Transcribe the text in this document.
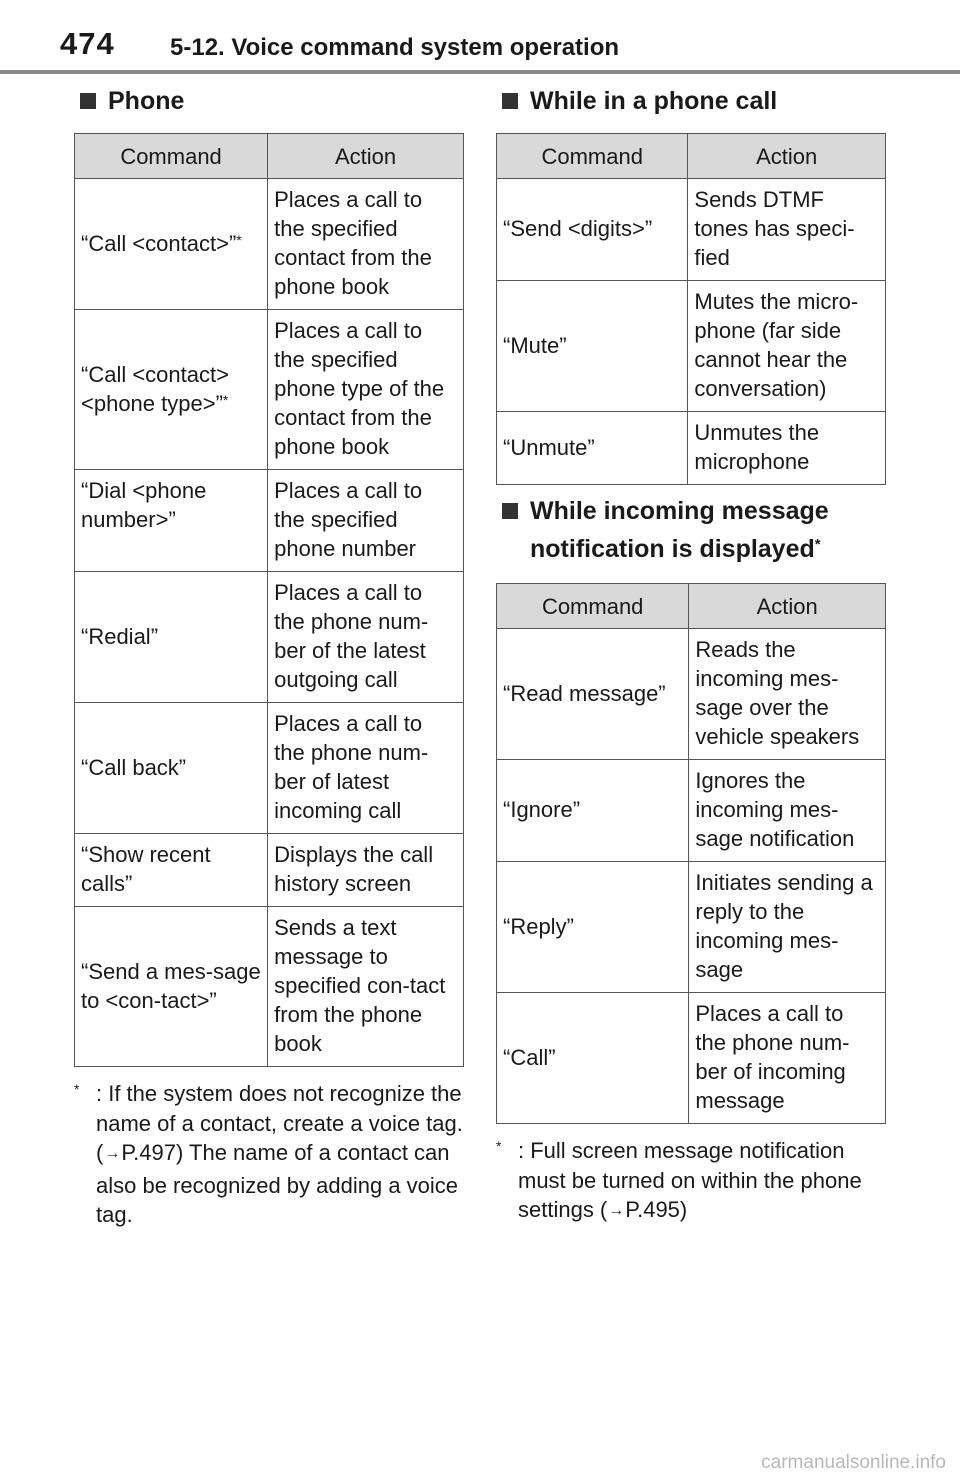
474 5-12. Voice command system operation
Phone
Command	Action
“Call <contact>”*	Places a call to the specified contact from the phone book
“Call <contact> <phone type>”*	Places a call to the specified phone type of the contact from the phone book
“Dial <phone number>”	Places a call to the specified phone number
“Redial”	Places a call to the phone num-ber of the latest outgoing call
“Call back”	Places a call to the phone num-ber of latest incoming call
“Show recent calls”	Displays the call history screen
“Send a mes-sage to <con-tact>”	Sends a text message to specified con-tact from the phone book
* : If the system does not recognize the name of a contact, create a voice tag. (→P.497) The name of a contact can also be recognized by adding a voice tag.
While in a phone call
Command	Action
“Send <digits>”	Sends DTMF tones has speci-fied
“Mute”	Mutes the micro-phone (far side cannot hear the conversation)
“Unmute”	Unmutes the microphone
While incoming message notification is displayed*
Command	Action
“Read message”	Reads the incoming mes-sage over the vehicle speakers
“Ignore”	Ignores the incoming mes-sage notification
“Reply”	Initiates sending a reply to the incoming mes-sage
“Call”	Places a call to the phone num-ber of incoming message
* : Full screen message notification must be turned on within the phone settings (→P.495)
carmanualsonline.info
